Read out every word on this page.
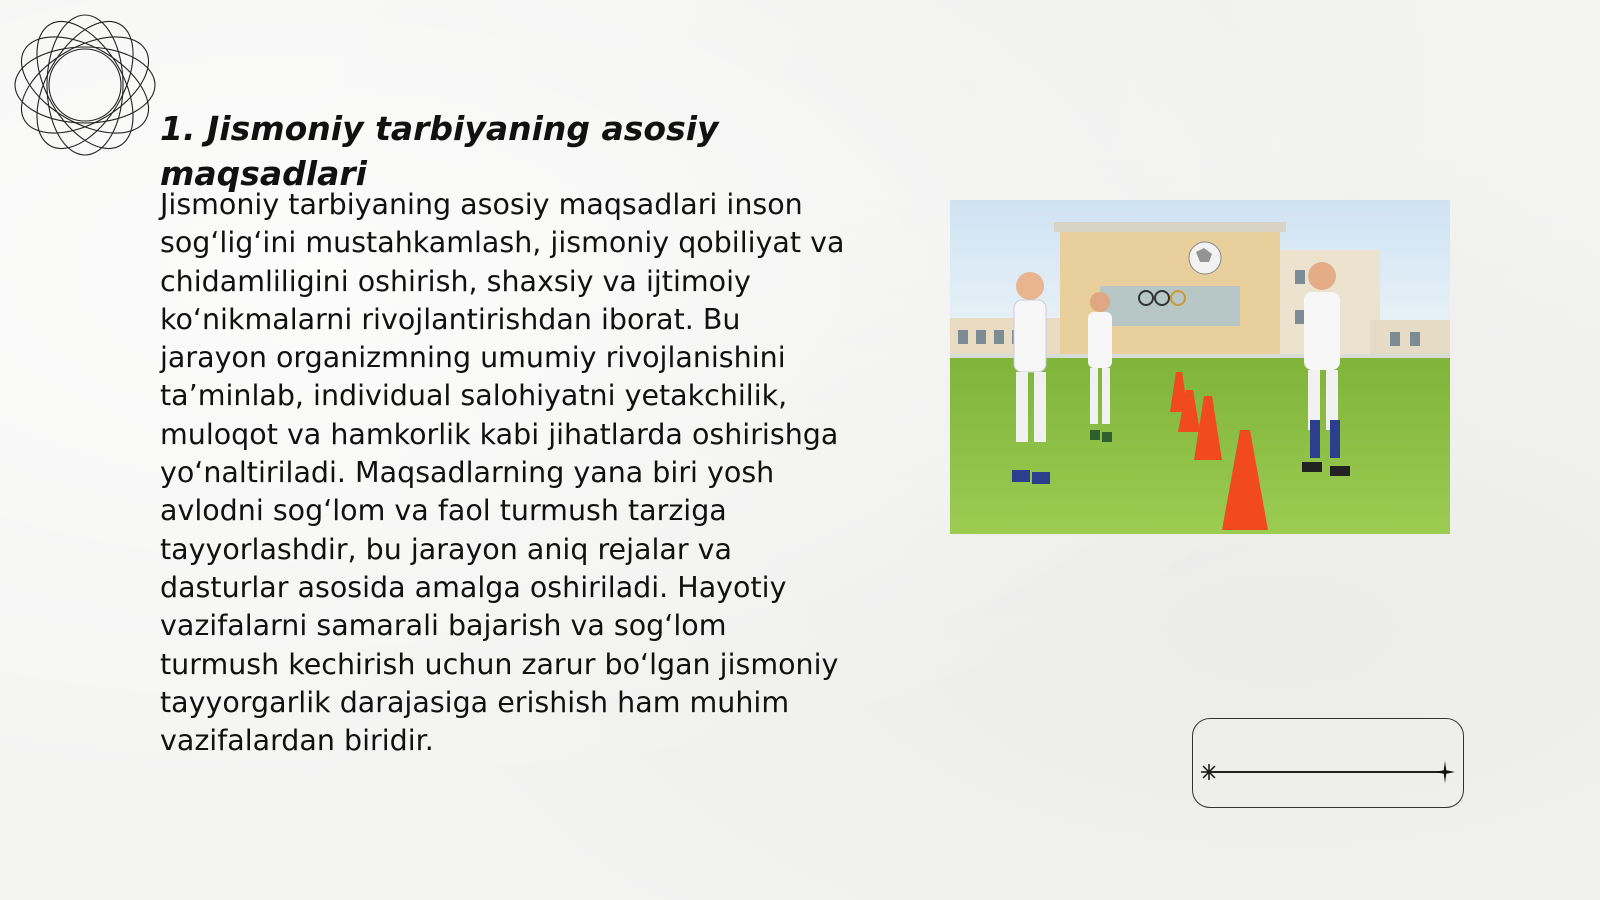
1. Jismoniy tarbiyaning asosiy maqsadlari

Jismoniy tarbiyaning asosiy maqsadlari inson sog‘lig‘ini mustahkamlash, jismoniy qobiliyat va chidamliligini oshirish, shaxsiy va ijtimoiy ko‘nikmalarni rivojlantirishdan iborat. Bu jarayon organizmning umumiy rivojlanishini ta’minlab, individual salohiyatni yetakchilik, muloqot va hamkorlik kabi jihatlarda oshirishga yo‘naltiriladi. Maqsadlarning yana biri yosh avlodni sog‘lom va faol turmush tarziga tayyorlashdir, bu jarayon aniq rejalar va dasturlar asosida amalga oshiriladi. Hayotiy vazifalarni samarali bajarish va sog‘lom turmush kechirish uchun zarur bo‘lgan jismoniy tayyorgarlik darajasiga erishish ham muhim vazifalardan biridir.
